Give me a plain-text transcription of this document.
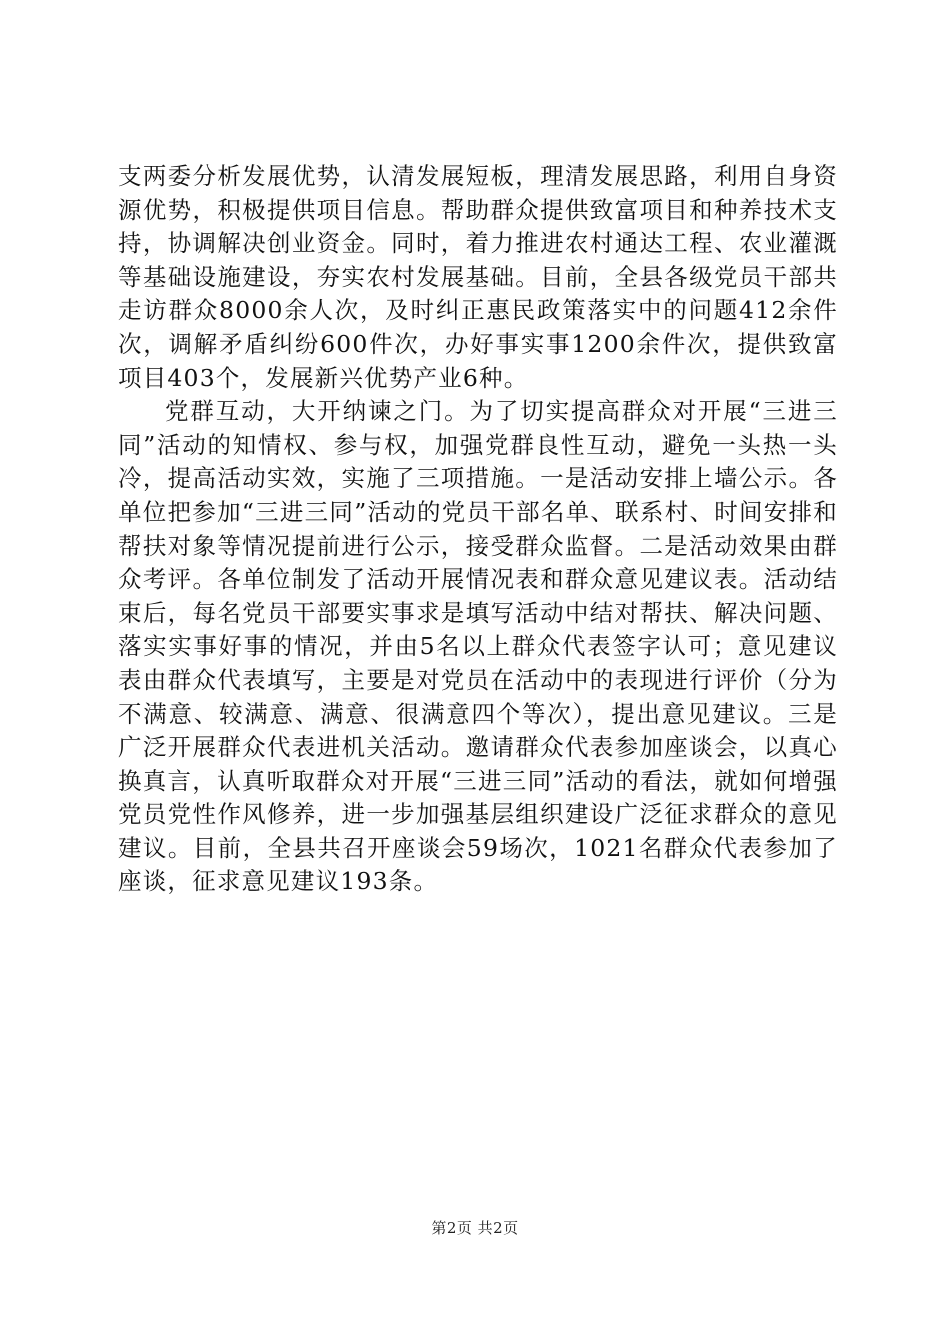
支两委分析发展优势，认清发展短板，理清发展思路，利用自身资源优势，积极提供项目信息。帮助群众提供致富项目和种养技术支持，协调解决创业资金。同时，着力推进农村通达工程、农业灌溉等基础设施建设，夯实农村发展基础。目前，全县各级党员干部共走访群众8000余人次，及时纠正惠民政策落实中的问题412余件次，调解矛盾纠纷600件次，办好事实事1200余件次，提供致富项目403个，发展新兴优势产业6种。

党群互动，大开纳谏之门。为了切实提高群众对开展“三进三同”活动的知情权、参与权，加强党群良性互动，避免一头热一头冷，提高活动实效，实施了三项措施。一是活动安排上墙公示。各单位把参加“三进三同”活动的党员干部名单、联系村、时间安排和帮扶对象等情况提前进行公示，接受群众监督。二是活动效果由群众考评。各单位制发了活动开展情况表和群众意见建议表。活动结束后，每名党员干部要实事求是填写活动中结对帮扶、解决问题、落实实事好事的情况，并由5名以上群众代表签字认可；意见建议表由群众代表填写，主要是对党员在活动中的表现进行评价（分为不满意、较满意、满意、很满意四个等次），提出意见建议。三是广泛开展群众代表进机关活动。邀请群众代表参加座谈会，以真心换真言，认真听取群众对开展“三进三同”活动的看法，就如何增强党员党性作风修养，进一步加强基层组织建设广泛征求群众的意见建议。目前，全县共召开座谈会59场次，1021名群众代表参加了座谈，征求意见建议193条。

第2页 共2页
